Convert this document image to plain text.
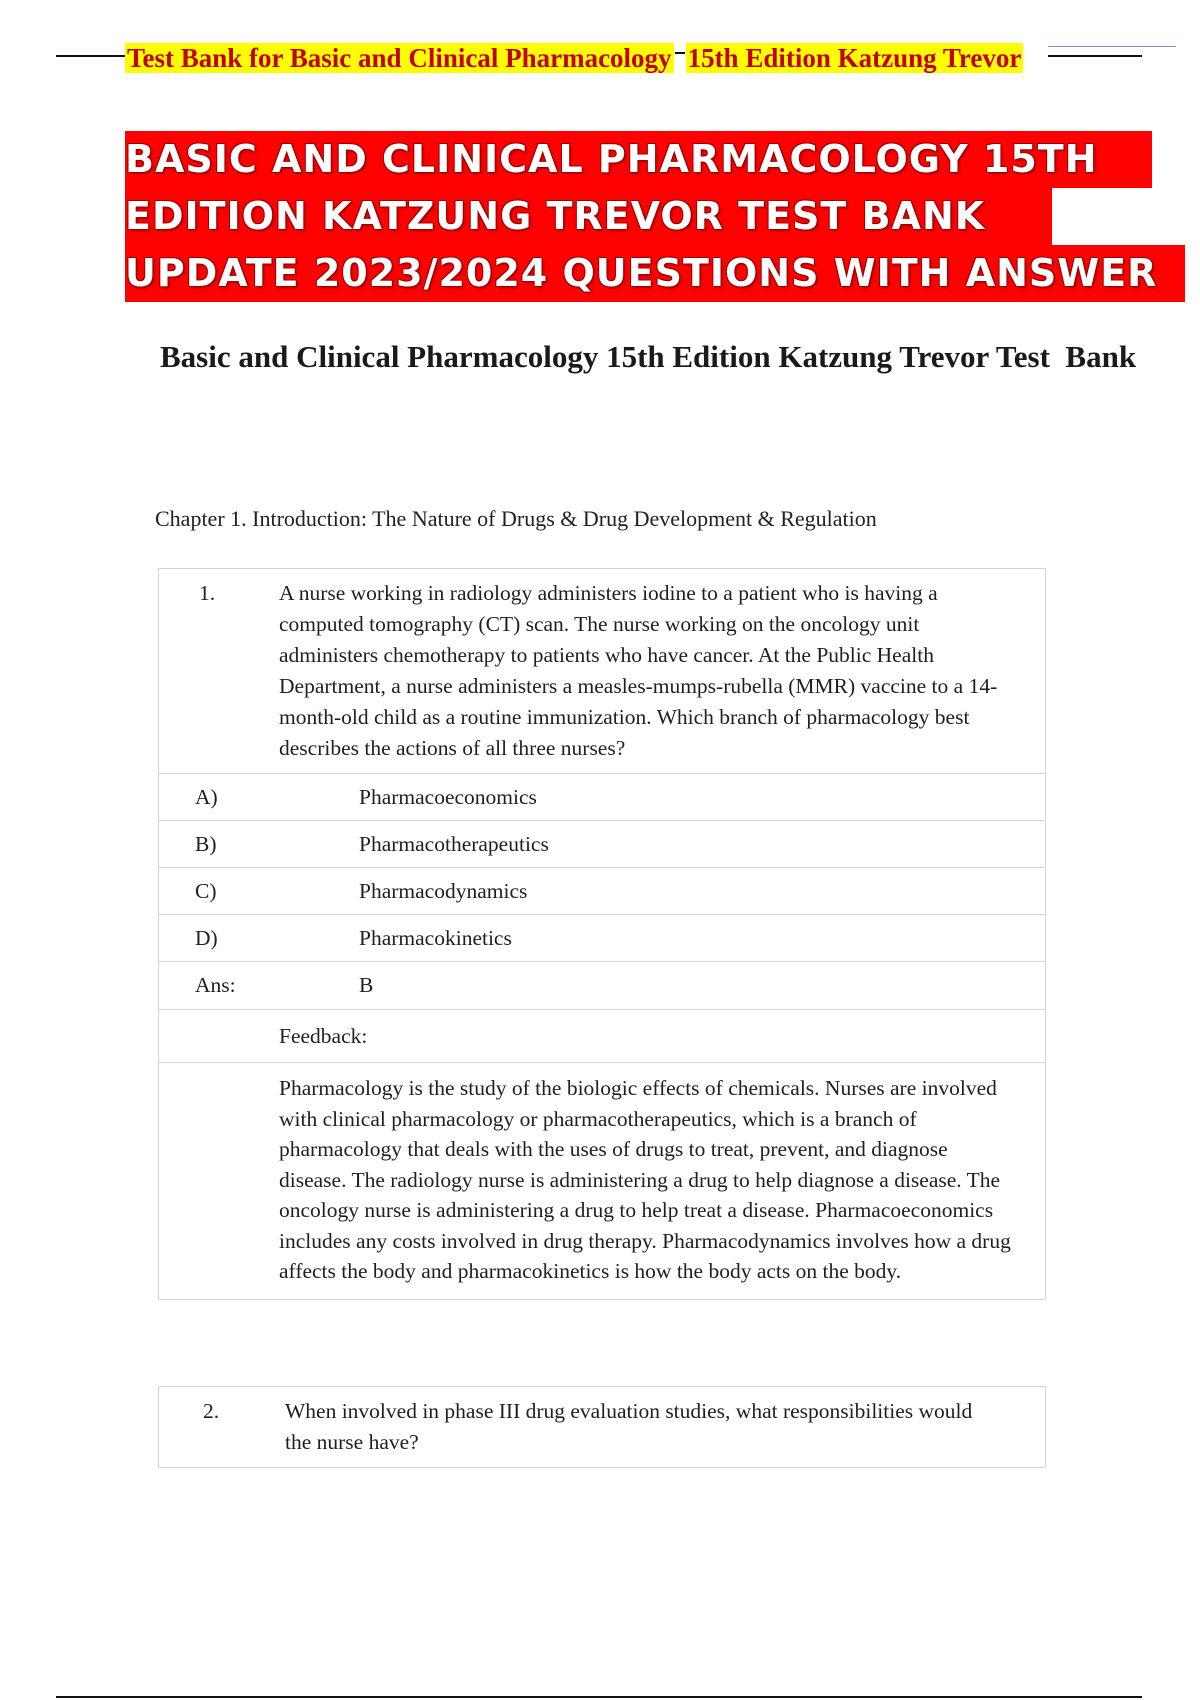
Test Bank for Basic and Clinical Pharmacology 15th Edition Katzung Trevor
BASIC AND CLINICAL PHARMACOLOGY 15TH
EDITION KATZUNG TREVOR TEST BANK
UPDATE 2023/2024 QUESTIONS WITH ANSWER
Basic and Clinical Pharmacology 15th Edition Katzung Trevor Test  Bank
Chapter 1. Introduction: The Nature of Drugs & Drug Development & Regulation
1.	A nurse working in radiology administers iodine to a patient who is having a computed tomography (CT) scan. The nurse working on the oncology unit administers chemotherapy to patients who have cancer. At the Public Health Department, a nurse administers a measles-mumps-rubella (MMR) vaccine to a 14-month-old child as a routine immunization. Which branch of pharmacology best describes the actions of all three nurses?
A)	Pharmacoeconomics
B)	Pharmacotherapeutics
C)	Pharmacodynamics
D)	Pharmacokinetics
Ans:	B
Feedback:
Pharmacology is the study of the biologic effects of chemicals. Nurses are involved with clinical pharmacology or pharmacotherapeutics, which is a branch of pharmacology that deals with the uses of drugs to treat, prevent, and diagnose disease. The radiology nurse is administering a drug to help diagnose a disease. The oncology nurse is administering a drug to help treat a disease. Pharmacoeconomics includes any costs involved in drug therapy. Pharmacodynamics involves how a drug affects the body and pharmacokinetics is how the body acts on the body.
2.	When involved in phase III drug evaluation studies, what responsibilities would the nurse have?
